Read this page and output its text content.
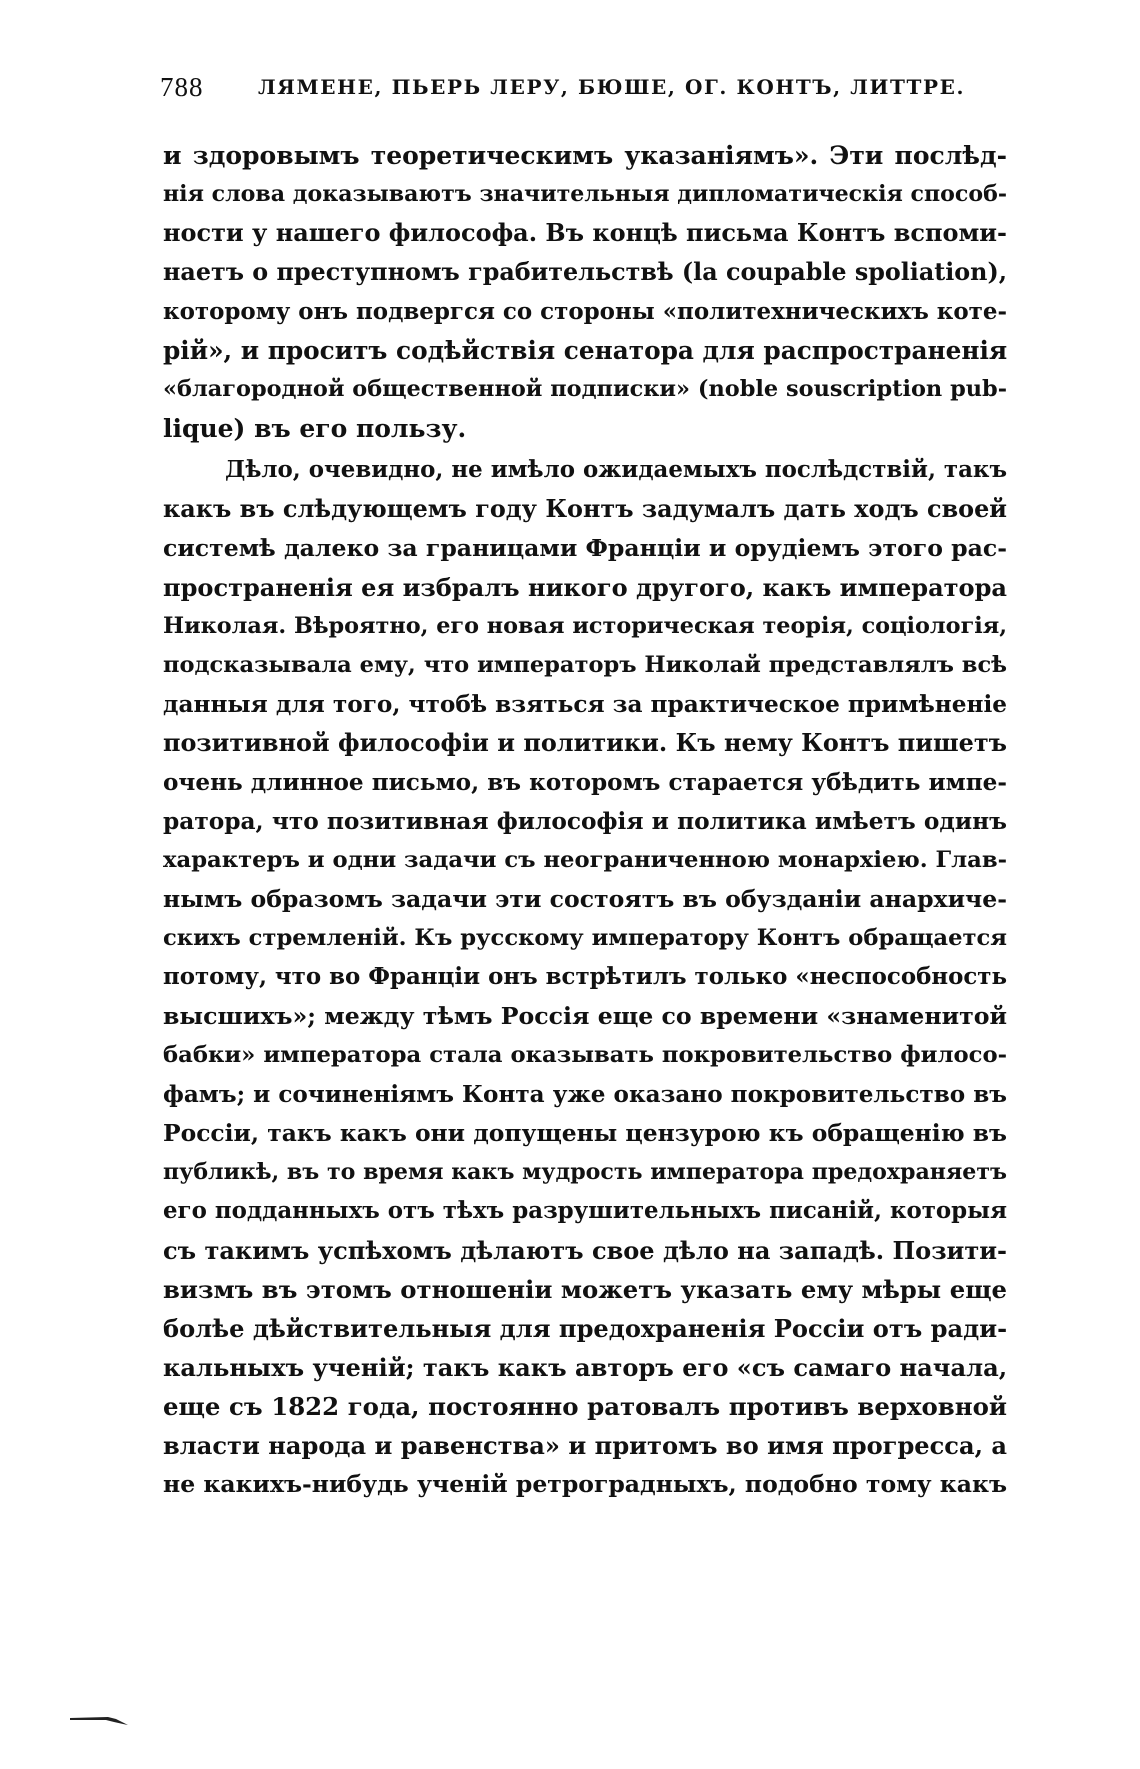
788	ЛЯМЕНЕ, ПЬЕРЬ ЛЕРУ, БЮШЕ, ОГ. КОНТЪ, ЛИТТРЕ.
и здоровымъ теоретическимъ указаніямъ». Эти послѣд-
нія слова доказываютъ значительныя дипломатическія способ-
ности у нашего философа. Въ концѣ письма Контъ вспоми-
наетъ о преступномъ грабительствѣ (la coupable spoliation),
которому онъ подвергся со стороны «политехническихъ коте-
рій», и проситъ содѣйствія сенатора для распространенія
«благородной общественной подписки» (noble souscription pub-
lique) въ его пользу.
Дѣло, очевидно, не имѣло ожидаемыхъ послѣдствій, такъ
какъ въ слѣдующемъ году Контъ задумалъ дать ходъ своей
системѣ далеко за границами Франціи и орудіемъ этого рас-
пространенія ея избралъ никого другого, какъ императора
Николая. Вѣроятно, его новая историческая теорія, соціологія,
подсказывала ему, что императоръ Николай представлялъ всѣ
данныя для того, чтобѣ взяться за практическое примѣненіе
позитивной философіи и политики. Къ нему Контъ пишетъ
очень длинное письмо, въ которомъ старается убѣдить импе-
ратора, что позитивная философія и политика имѣетъ одинъ
характеръ и одни задачи съ неограниченною монархіею. Глав-
нымъ образомъ задачи эти состоятъ въ обузданіи анархиче-
скихъ стремленій. Къ русскому императору Контъ обращается
потому, что во Франціи онъ встрѣтилъ только «неспособность
высшихъ»; между тѣмъ Россія еще со времени «знаменитой
бабки» императора стала оказывать покровительство филосо-
фамъ; и сочиненіямъ Конта уже оказано покровительство въ
Россіи, такъ какъ они допущены цензурою къ обращенію въ
публикѣ, въ то время какъ мудрость императора предохраняетъ
его подданныхъ отъ тѣхъ разрушительныхъ писаній, которыя
съ такимъ успѣхомъ дѣлаютъ свое дѣло на западѣ. Позити-
визмъ въ этомъ отношеніи можетъ указать ему мѣры еще
болѣе дѣйствительныя для предохраненія Россіи отъ ради-
кальныхъ ученій; такъ какъ авторъ его «съ самаго начала,
еще съ 1822 года, постоянно ратовалъ противъ верховной
власти народа и равенства» и притомъ во имя прогресса, а
не какихъ-нибудь ученій ретроградныхъ, подобно тому какъ
